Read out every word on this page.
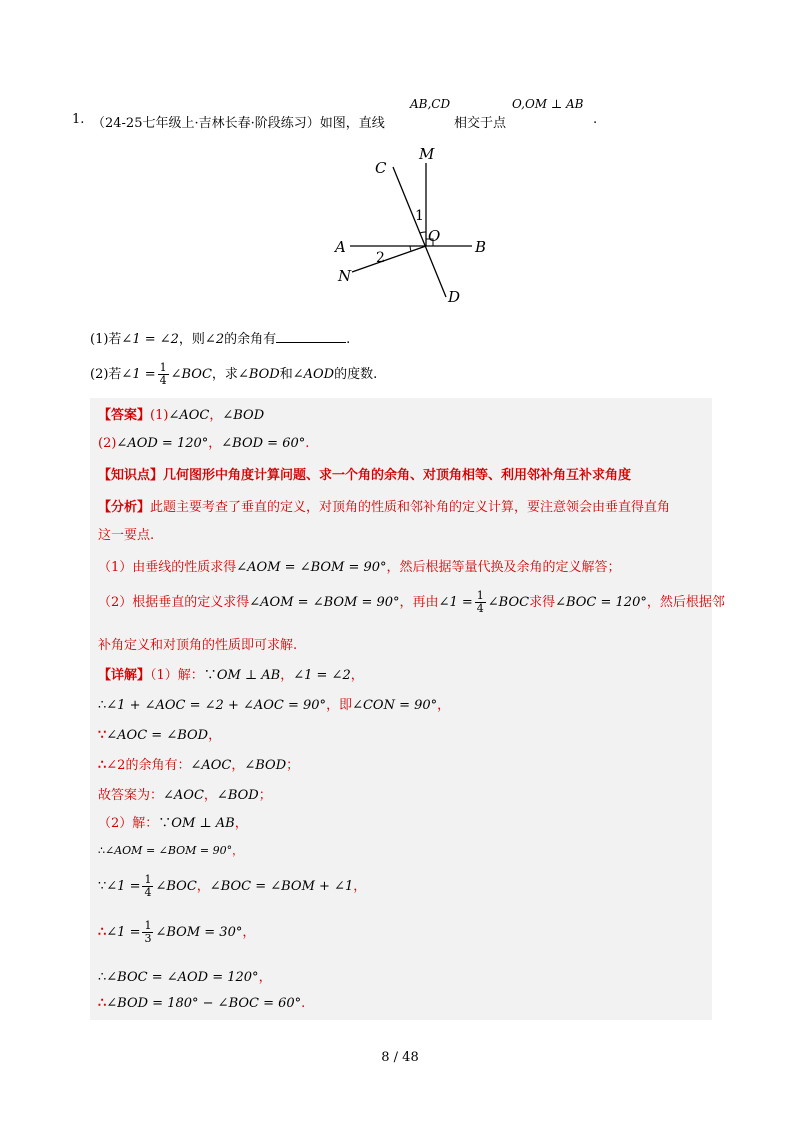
1. （24-25七年级上·吉林长春·阶段练习）如图，直线
AB,CD
相交于点
O,OM ⊥ AB
.
C
M
A
O
B
N
D
1
2
(1)若∠1 = ∠2，则∠2的余角有	.
(2)若∠1 = $\frac{1}{4}$ ∠BOC，求∠BOD和∠AOD的度数.
【答案】(1)∠AOC，∠BOD
(2)∠AOD = 120°，∠BOD = 60°.
【知识点】几何图形中角度计算问题、求一个角的余角、对顶角相等、利用邻补角互补求角度
【分析】此题主要考查了垂直的定义，对顶角的性质和邻补角的定义计算，要注意领会由垂直得直角
这一要点.
（1）由垂线的性质求得∠AOM = ∠BOM = 90°，然后根据等量代换及余角的定义解答；
（2）根据垂直的定义求得∠AOM = ∠BOM = 90°，再由∠1 = $\frac{1}{4}$ ∠BOC求得∠BOC = 120°，然后根据邻
补角定义和对顶角的性质即可求解.
【详解】（1）解：∵OM ⊥ AB，∠1 = ∠2，
∴∠1 + ∠AOC = ∠2 + ∠AOC = 90°，即∠CON = 90°，
∵∠AOC = ∠BOD，
∴∠2的余角有：∠AOC，∠BOD；
故答案为：∠AOC，∠BOD；
（2）解：∵OM ⊥ AB，
∴∠AOM = ∠BOM = 90°，
∵∠1 = $\frac{1}{4}$ ∠BOC，∠BOC = ∠BOM + ∠1，
∴∠1 = $\frac{1}{3}$ ∠BOM = 30°，
∴∠BOC = ∠AOD = 120°，
∴∠BOD = 180° − ∠BOC = 60°.
8 / 48
